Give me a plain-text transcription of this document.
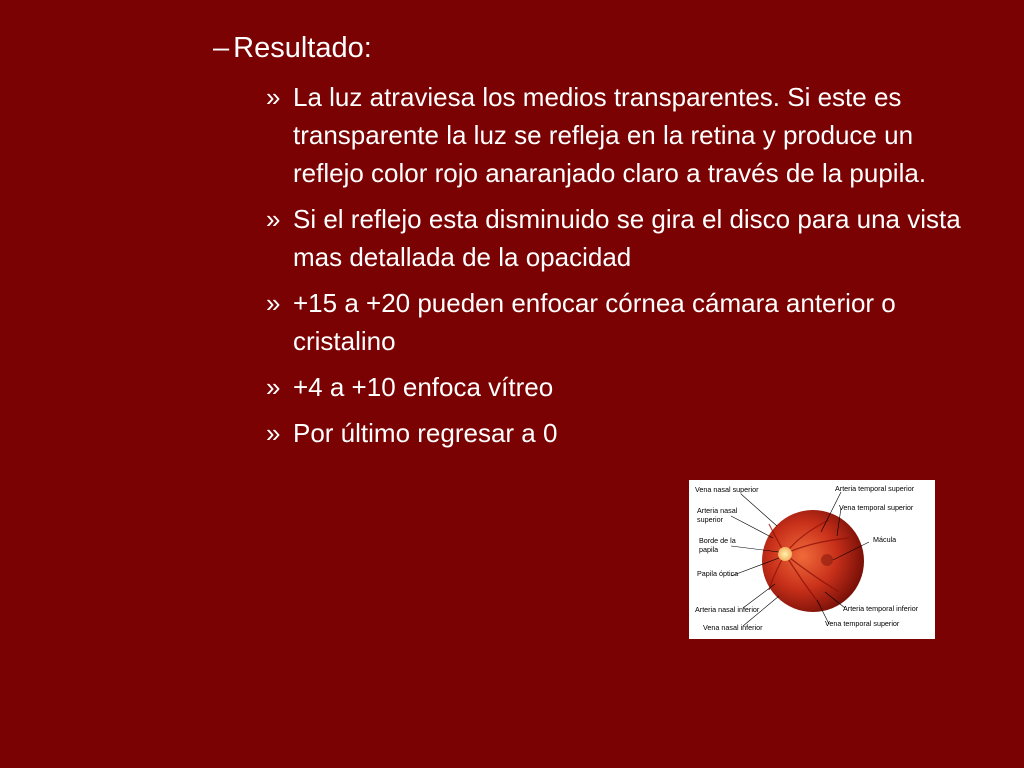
– Resultado:
» La luz atraviesa los medios transparentes. Si este es transparente la luz se refleja en la retina y produce un reflejo color rojo anaranjado claro a través de la pupila.
» Si el reflejo esta disminuido se gira el disco para una vista mas detallada de la opacidad
» +15 a +20 pueden enfocar córnea cámara anterior o cristalino
» +4 a +10 enfoca vítreo
» Por último regresar a 0
Vena nasal superior
Arteria nasal
superior
Borde de la
papila
Papila óptica
Arteria nasal inferior
Vena nasal inferior
Arteria temporal superior
Vena temporal superior
Mácula
Arteria temporal inferior
Vena temporal superior
